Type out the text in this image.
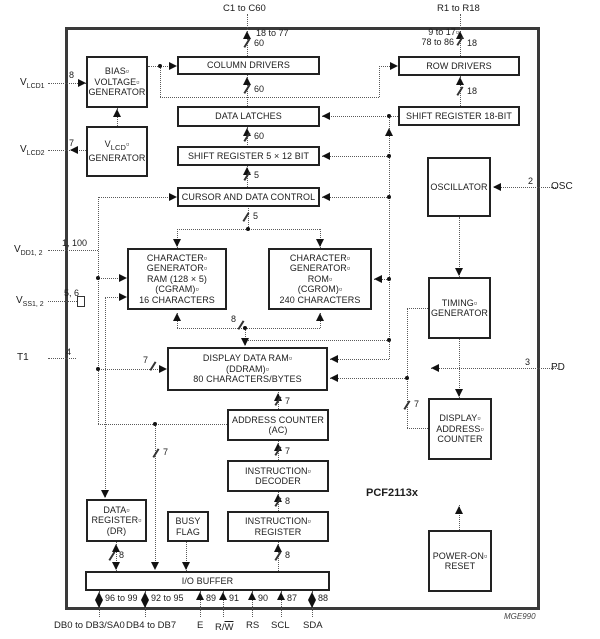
60
60
60
5
5
18
18
7
7
8
7
7
8
8
8
7
BIAS▫
VOLTAGE▫
GENERATOR
$V_{LCD}▫$
GENERATOR
COLUMN DRIVERS	ROW DRIVERS
DATA LATCHES	SHIFT REGISTER 18-BIT
SHIFT REGISTER 5 × 12 BIT
CURSOR AND DATA CONTROL
OSCILLATOR
CHARACTER▫
GENERATOR▫
RAM (128 × 5)
(CGRAM)▫
16 CHARACTERS
CHARACTER▫
GENERATOR▫
ROM▫
(CGROM)▫
240 CHARACTERS	TIMING▫
GENERATOR
DISPLAY DATA RAM▫
(DDRAM)▫
80 CHARACTERS/BYTES
DISPLAY▫
ADDRESS▫
COUNTER
ADDRESS COUNTER
(AC)
INSTRUCTION▫
DECODER
BUSY
FLAG
INSTRUCTION▫
REGISTER
DATA▫
REGISTER▫
(DR)
POWER-ON▫
RESET
I/O BUFFER
C1 to C60	R1 to R18
18 to 77	9 to 17▫
78 to 86
$V_{LCD1}$
8
$V_{LCD2}$
7
$V_{DD1, 2}$
1, 100
$V_{SS1, 2}$
5, 6
T1	4
OSC
2
PD
3
96 to 99 92 to 95 89 91 90 87 88
DB0 to DB3/SA0 DB4 to DB7 E $R/\overline{W}$ RS SCL SDA
PCF2113x
MGE990
